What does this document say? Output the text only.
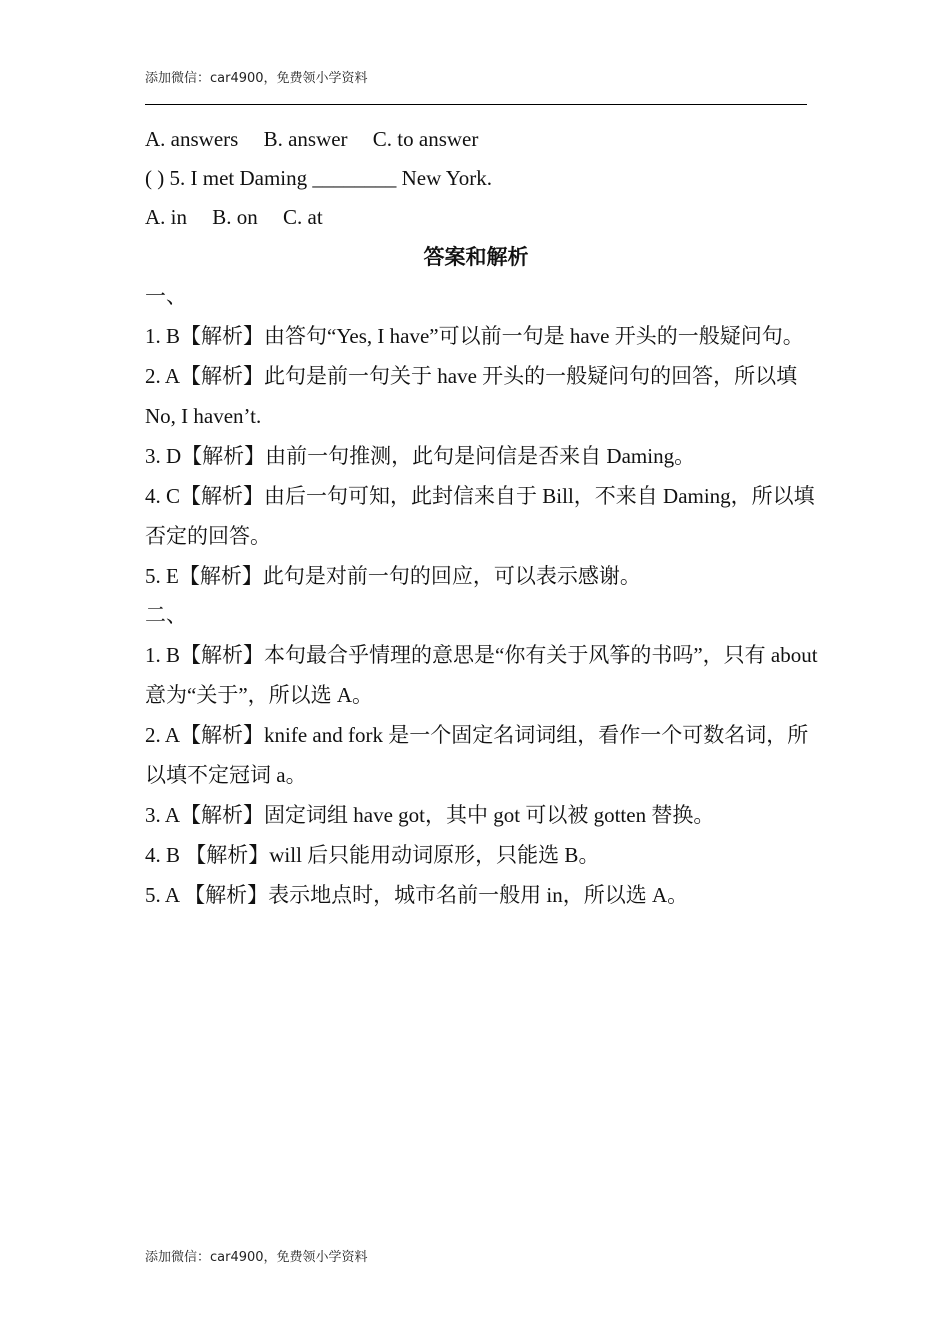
添加微信：car4900，免费领小学资料
A. answers B. answer C. to answer
( ) 5. I met Daming ________ New York.
A. in B. on C. at
答案和解析
一、

1. B【解析】由答句“Yes, I have”可以前一句是 have 开头的一般疑问句。

2. A【解析】此句是前一句关于 have 开头的一般疑问句的回答，所以填 No, I haven’t.

3. D【解析】由前一句推测，此句是问信是否来自 Daming。

4. C【解析】由后一句可知，此封信来自于 Bill，不来自 Daming，所以填否定的回答。

5. E【解析】此句是对前一句的回应，可以表示感谢。

二、

1. B【解析】本句最合乎情理的意思是“你有关于风筝的书吗”，只有 about 意为“关于”，所以选 A。

2. A【解析】knife and fork 是一个固定名词词组，看作一个可数名词，所以填不定冠词 a。

3. A【解析】固定词组 have got，其中 got 可以被 gotten 替换。

4. B 【解析】will 后只能用动词原形，只能选 B。

5. A 【解析】表示地点时，城市名前一般用 in，所以选 A。

添加微信：car4900，免费领小学资料
